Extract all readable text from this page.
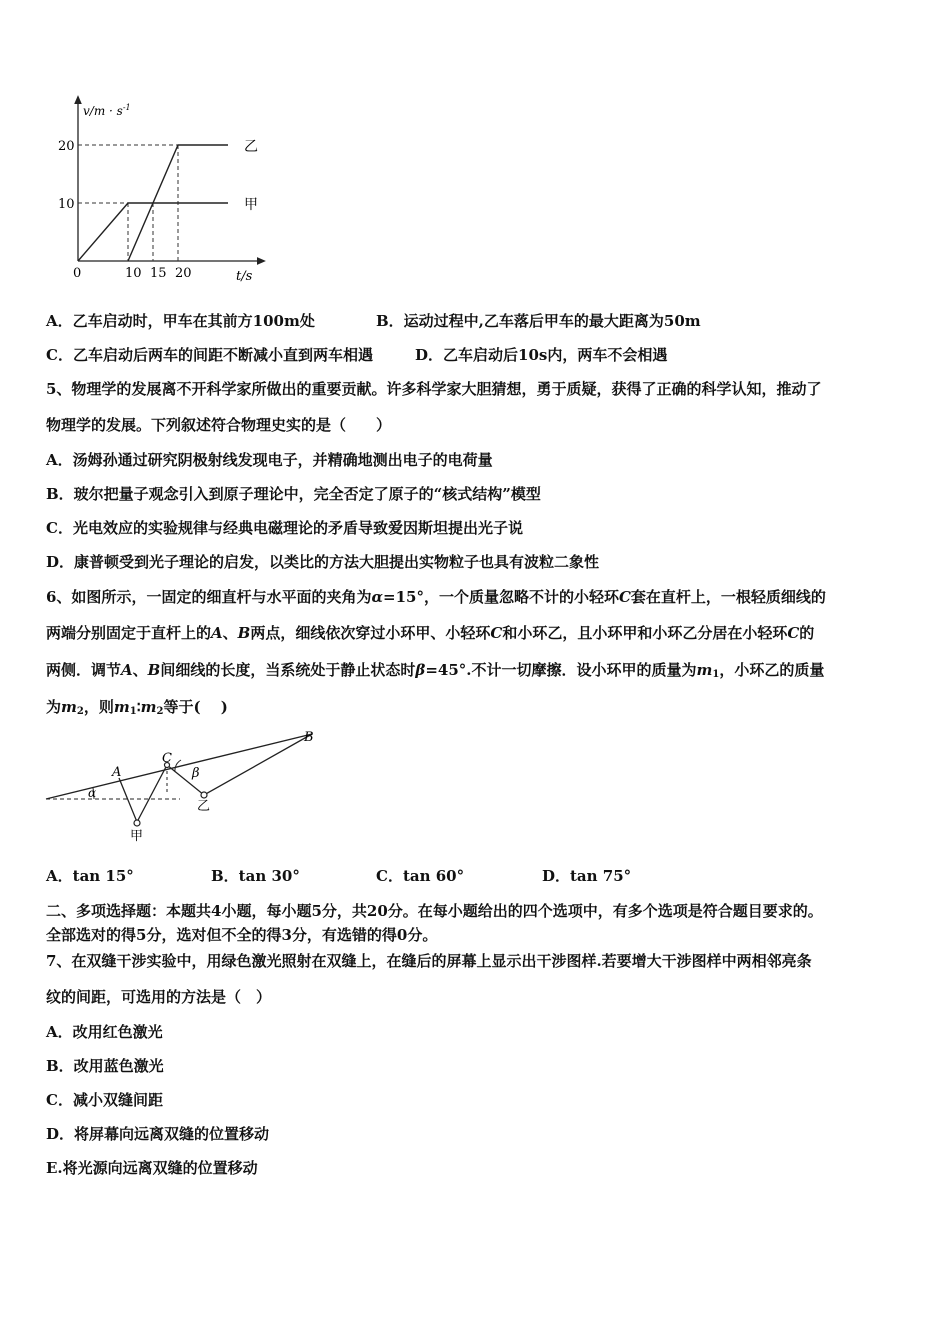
$v/m \cdot s^{-1}$
t/s
0
10
20
10 15 20
乙
甲
A．乙车启动时，甲车在其前方100m处	B．运动过程中,乙车落后甲车的最大距离为50m
C．乙车启动后两车的间距不断减小直到两车相遇	D．乙车启动后10s内，两车不会相遇
5、物理学的发展离不开科学家所做出的重要贡献。许多科学家大胆猜想，勇于质疑，获得了正确的科学认知，推动了
物理学的发展。下列叙述符合物理史实的是（　　）
A．汤姆孙通过研究阴极射线发现电子，并精确地测出电子的电荷量
B．玻尔把量子观念引入到原子理论中，完全否定了原子的“核式结构”模型
C．光电效应的实验规律与经典电磁理论的矛盾导致爱因斯坦提出光子说
D．康普顿受到光子理论的启发，以类比的方法大胆提出实物粒子也具有波粒二象性
6、如图所示，一固定的细直杆与水平面的夹角为α=15°，一个质量忽略不计的小轻环C套在直杆上，一根轻质细线的
两端分别固定于直杆上的A、B两点，细线依次穿过小环甲、小轻环C和小环乙，且小环甲和小环乙分居在小轻环C的
两侧．调节A、B间细线的长度，当系统处于静止状态时β=45°.不计一切摩擦．设小环甲的质量为$m_1$，小环乙的质量
为$m_2$，则$m_1∶m_2$等于(　 )
A
C
B
α
β
甲
乙
A．tan 15°	B．tan 30°	C．tan 60°	D．tan 75°
二、多项选择题：本题共4小题，每小题5分，共20分。在每小题给出的四个选项中，有多个选项是符合题目要求的。
全部选对的得5分，选对但不全的得3分，有选错的得0分。
7、在双缝干涉实验中，用绿色激光照射在双缝上，在缝后的屏幕上显示出干涉图样.若要增大干涉图样中两相邻亮条
纹的间距，可选用的方法是（　）
A．改用红色激光
B．改用蓝色激光
C．减小双缝间距
D．将屏幕向远离双缝的位置移动
E.将光源向远离双缝的位置移动
